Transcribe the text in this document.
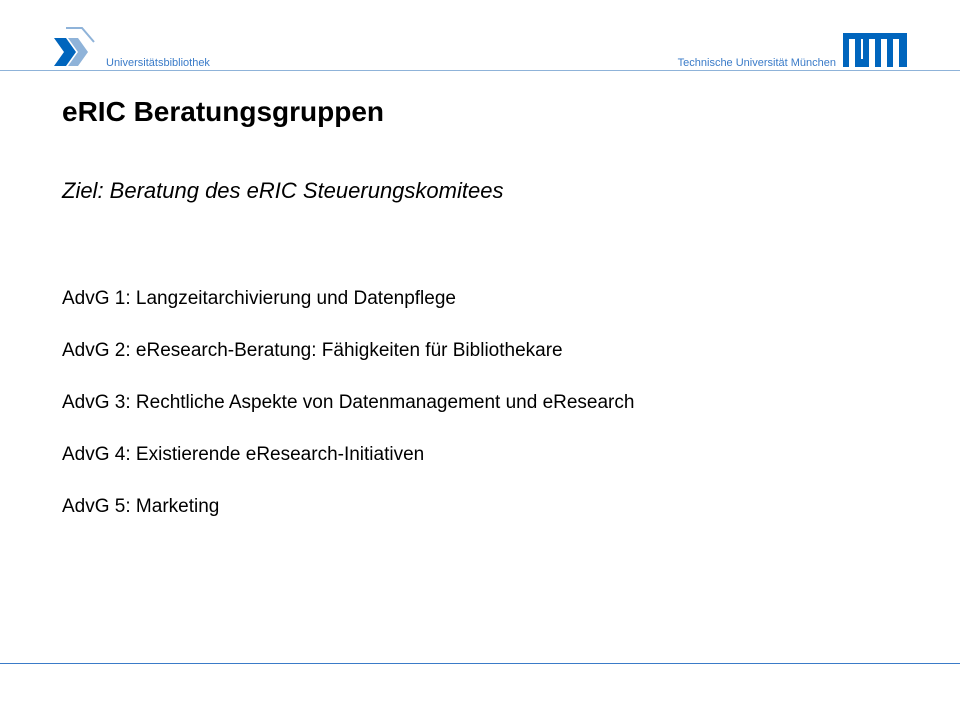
Universitätsbibliothek	Technische Universität München
eRIC Beratungsgruppen
Ziel: Beratung des eRIC Steuerungskomitees
AdvG 1: Langzeitarchivierung und Datenpflege
AdvG 2: eResearch-Beratung: Fähigkeiten für Bibliothekare
AdvG 3: Rechtliche Aspekte von Datenmanagement und eResearch
AdvG 4: Existierende eResearch-Initiativen
AdvG 5: Marketing
